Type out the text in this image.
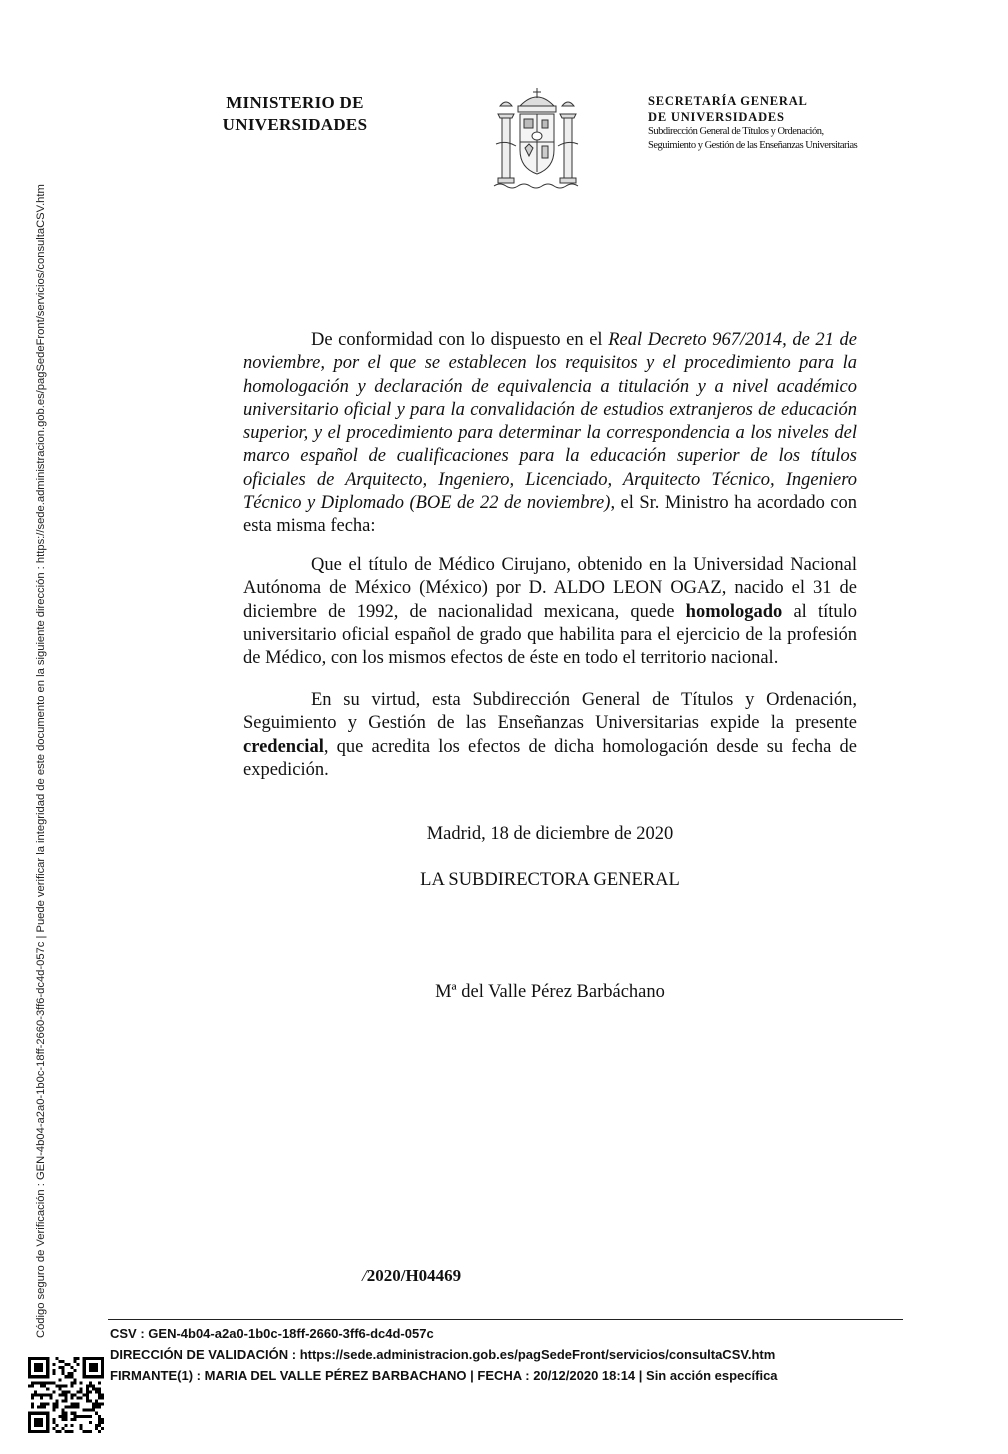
MINISTERIO DE
UNIVERSIDADES
SECRETARÍA GENERAL
DE UNIVERSIDADES
Subdirección General de Títulos y Ordenación,
Seguimiento y Gestión de las Enseñanzas Universitarias

De conformidad con lo dispuesto en el Real Decreto 967/2014, de 21 de noviembre, por el que se establecen los requisitos y el procedimiento para la homologación y declaración de equivalencia a titulación y a nivel académico universitario oficial y para la convalidación de estudios extranjeros de educación superior, y el procedimiento para determinar la correspondencia a los niveles del marco español de cualificaciones para la educación superior de los títulos oficiales de Arquitecto, Ingeniero, Licenciado, Arquitecto Técnico, Ingeniero Técnico y Diplomado (BOE de 22 de noviembre), el Sr. Ministro ha acordado con esta misma fecha:

Que el título de Médico Cirujano, obtenido en la Universidad Nacional Autónoma de México (México) por D. ALDO LEON OGAZ, nacido el 31 de diciembre de 1992, de nacionalidad mexicana, quede homologado al título universitario oficial español de grado que habilita para el ejercicio de la profesión de Médico, con los mismos efectos de éste en todo el territorio nacional.

En su virtud, esta Subdirección General de Títulos y Ordenación, Seguimiento y Gestión de las Enseñanzas Universitarias expide la presente credencial, que acredita los efectos de dicha homologación desde su fecha de expedición.

Madrid, 18 de diciembre de 2020
LA SUBDIRECTORA GENERAL
Mª del Valle Pérez Barbáchano
/2020/H04469
CSV : GEN-4b04-a2a0-1b0c-18ff-2660-3ff6-dc4d-057c
DIRECCIÓN DE VALIDACIÓN : https://sede.administracion.gob.es/pagSedeFront/servicios/consultaCSV.htm
FIRMANTE(1) : MARIA DEL VALLE PÉREZ BARBACHANO | FECHA : 20/12/2020 18:14 | Sin acción específica
Código seguro de Verificación : GEN-4b04-a2a0-1b0c-18ff-2660-3ff6-dc4d-057c | Puede verificar la integridad de este documento en la siguiente dirección : https://sede.administracion.gob.es/pagSedeFront/servicios/consultaCSV.htm
